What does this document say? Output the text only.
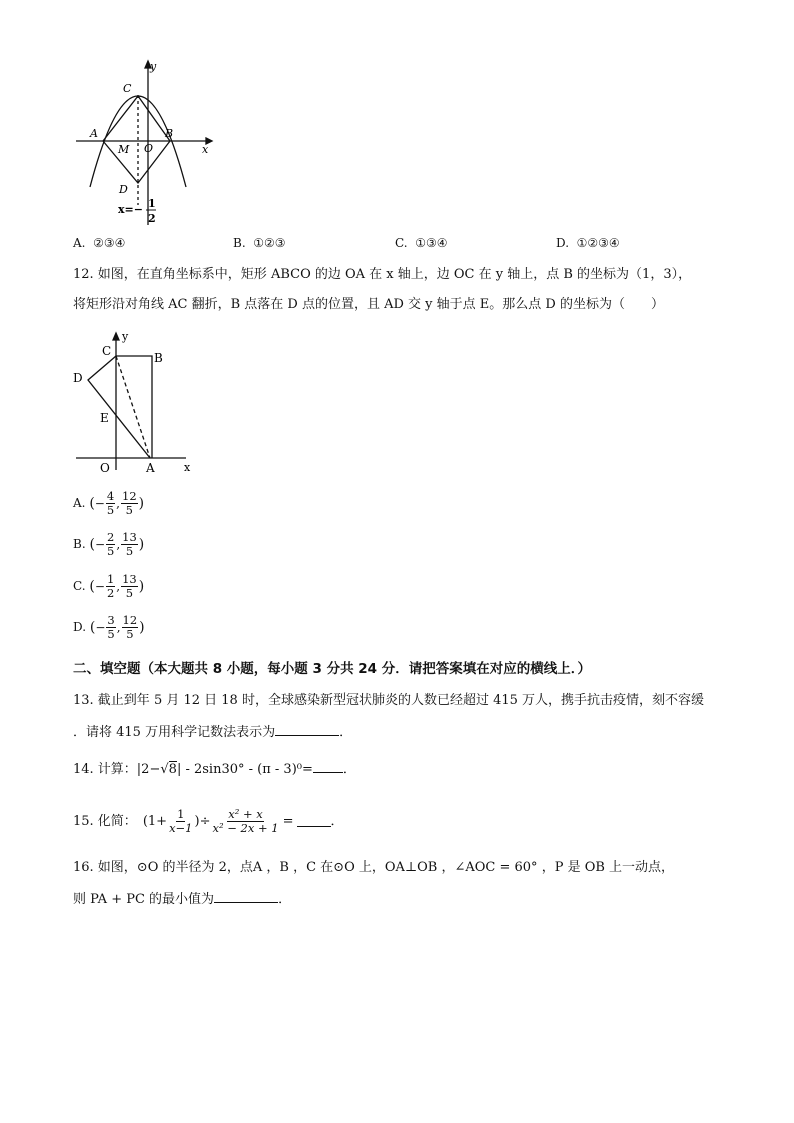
y
x
C
A	B
M O
D
x=− 1
2
A. ②③④	B. ①②③	C. ①③④	D. ①②③④
12. 如图，在直角坐标系中，矩形 ABCO 的边 OA 在 x 轴上，边 OC 在 y 轴上，点 B 的坐标为（1，3），
将矩形沿对角线 AC 翻折，B 点落在 D 点的位置，且 AD 交 y 轴于点 E。那么点 D 的坐标为（　　）
y
C	B
D
E
O	A	x
A. (− $\frac{4}{5}$ , $\frac{12}{5}$ )
B. (− $\frac{2}{5}$ , $\frac{13}{5}$ )
C. (− $\frac{1}{2}$ , $\frac{13}{5}$ )
D. (− $\frac{3}{5}$ , $\frac{12}{5}$ )
二、填空题（本大题共 8 小题，每小题 3 分共 24 分．请把答案填在对应的横线上．）
13. 截止到年 5 月 12 日 18 时，全球感染新型冠状肺炎的人数已经超过 415 万人，携手抗击疫情，刻不容缓
．请将 415 万用科学记数法表示为	．
14. 计算：|2−√8| - 2sin30° - (π - 3)⁰= ．
15. 化简： ($1+ \frac{1}{x-1}$ )÷ $\frac{\text{x² + x}}{\text{x² − 2x + 1}}$ =	．
16. 如图，⊙O 的半径为 2，点A ，B ，C 在⊙O 上，OA⊥OB ，∠AOC = 60° ，P 是 OB 上一动点，
则 PA + PC 的最小值为	．
